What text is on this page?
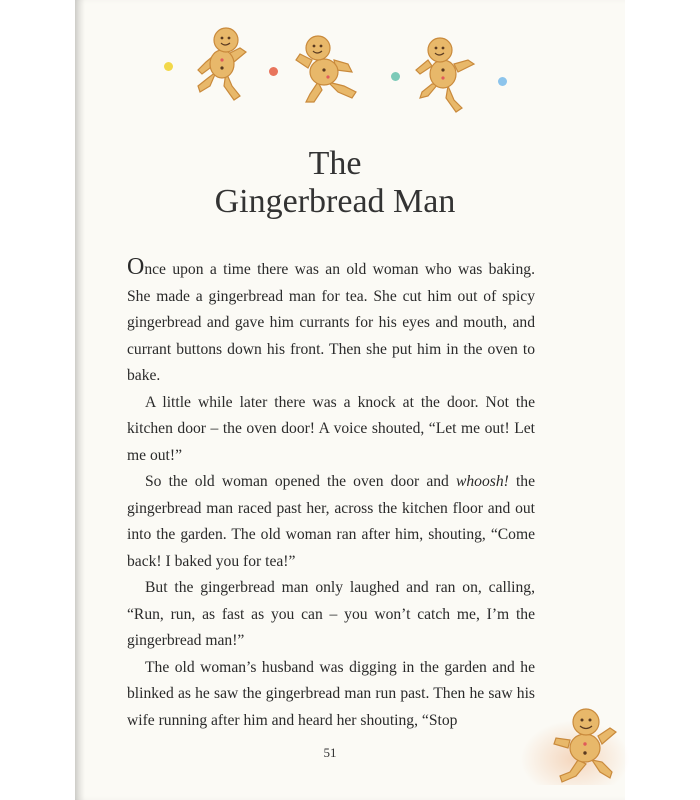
The
Gingerbread Man

Once upon a time there was an old woman who was baking. She made a gingerbread man for tea. She cut him out of spicy gingerbread and gave him currants for his eyes and mouth, and currant buttons down his front. Then she put him in the oven to bake.

A little while later there was a knock at the door. Not the kitchen door – the oven door! A voice shouted, “Let me out! Let me out!”

So the old woman opened the oven door and whoosh! the gingerbread man raced past her, across the kitchen floor and out into the garden. The old woman ran after him, shouting, “Come back! I baked you for tea!”

But the gingerbread man only laughed and ran on, calling, “Run, run, as fast as you can – you won’t catch me, I’m the gingerbread man!”

The old woman’s husband was digging in the garden and he blinked as he saw the gingerbread man run past. Then he saw his wife running after him and heard her shouting, “Stop

51
